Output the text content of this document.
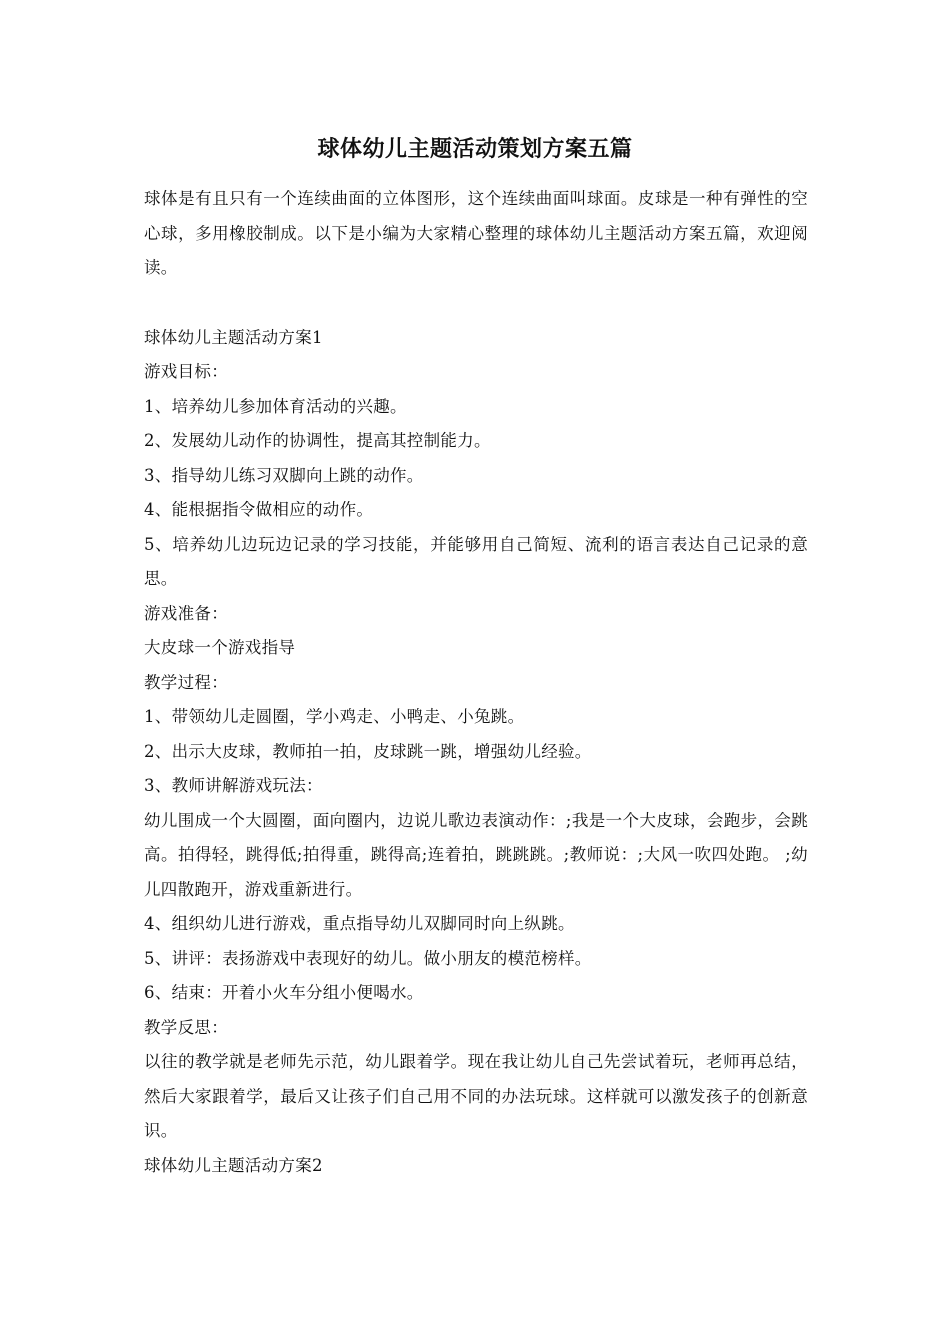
球体幼儿主题活动策划方案五篇

球体是有且只有一个连续曲面的立体图形，这个连续曲面叫球面。皮球是一种有弹性的空心球，多用橡胶制成。以下是小编为大家精心整理的球体幼儿主题活动方案五篇，欢迎阅读。

球体幼儿主题活动方案1

游戏目标：

1、培养幼儿参加体育活动的兴趣。

2、发展幼儿动作的协调性，提高其控制能力。

3、指导幼儿练习双脚向上跳的动作。

4、能根据指令做相应的动作。

5、培养幼儿边玩边记录的学习技能，并能够用自己简短、流利的语言表达自己记录的意思。

游戏准备：

大皮球一个游戏指导

教学过程：

1、带领幼儿走圆圈，学小鸡走、小鸭走、小兔跳。

2、出示大皮球，教师拍一拍，皮球跳一跳，增强幼儿经验。

3、教师讲解游戏玩法：

幼儿围成一个大圆圈，面向圈内，边说儿歌边表演动作：;我是一个大皮球，会跑步，会跳高。拍得轻，跳得低;拍得重，跳得高;连着拍，跳跳跳。;教师说：;大风一吹四处跑。 ;幼儿四散跑开，游戏重新进行。

4、组织幼儿进行游戏，重点指导幼儿双脚同时向上纵跳。

5、讲评：表扬游戏中表现好的幼儿。做小朋友的模范榜样。

6、结束：开着小火车分组小便喝水。

教学反思：

以往的教学就是老师先示范，幼儿跟着学。现在我让幼儿自己先尝试着玩，老师再总结，然后大家跟着学，最后又让孩子们自己用不同的办法玩球。这样就可以激发孩子的创新意识。

球体幼儿主题活动方案2
